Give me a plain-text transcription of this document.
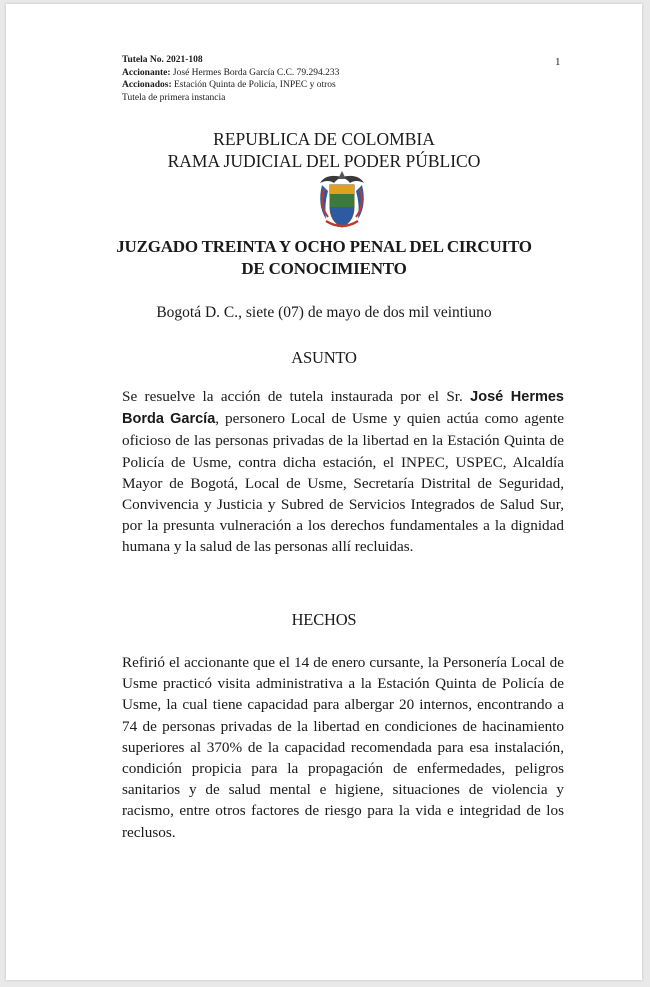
Tutela No. 2021-108
Accionante: José Hermes Borda García C.C. 79.294.233
Accionados: Estación Quinta de Policía, INPEC y otros
Tutela de primera instancia
1
REPUBLICA DE COLOMBIA
RAMA JUDICIAL DEL PODER PÚBLICO
JUZGADO TREINTA Y OCHO PENAL DEL CIRCUITO
DE CONOCIMIENTO
Bogotá D. C., siete (07) de mayo de dos mil veintiuno
ASUNTO

Se resuelve la acción de tutela instaurada por el Sr. José Hermes Borda García, personero Local de Usme y quien actúa como agente oficioso de las personas privadas de la libertad en la Estación Quinta de Policía de Usme, contra dicha estación, el INPEC, USPEC, Alcaldía Mayor de Bogotá, Local de Usme, Secretaría Distrital de Seguridad, Convivencia y Justicia y Subred de Servicios Integrados de Salud Sur, por la presunta vulneración a los derechos fundamentales a la dignidad humana y la salud de las personas allí recluidas.

HECHOS

Refirió el accionante que el 14 de enero cursante, la Personería Local de Usme practicó visita administrativa a la Estación Quinta de Policía de Usme, la cual tiene capacidad para albergar 20 internos, encontrando a 74 de personas privadas de la libertad en condiciones de hacinamiento superiores al 370% de la capacidad recomendada para esa instalación, condición propicia para la propagación de enfermedades, peligros sanitarios y de salud mental e higiene, situaciones de violencia y racismo, entre otros factores de riesgo para la vida e integridad de los reclusos.
